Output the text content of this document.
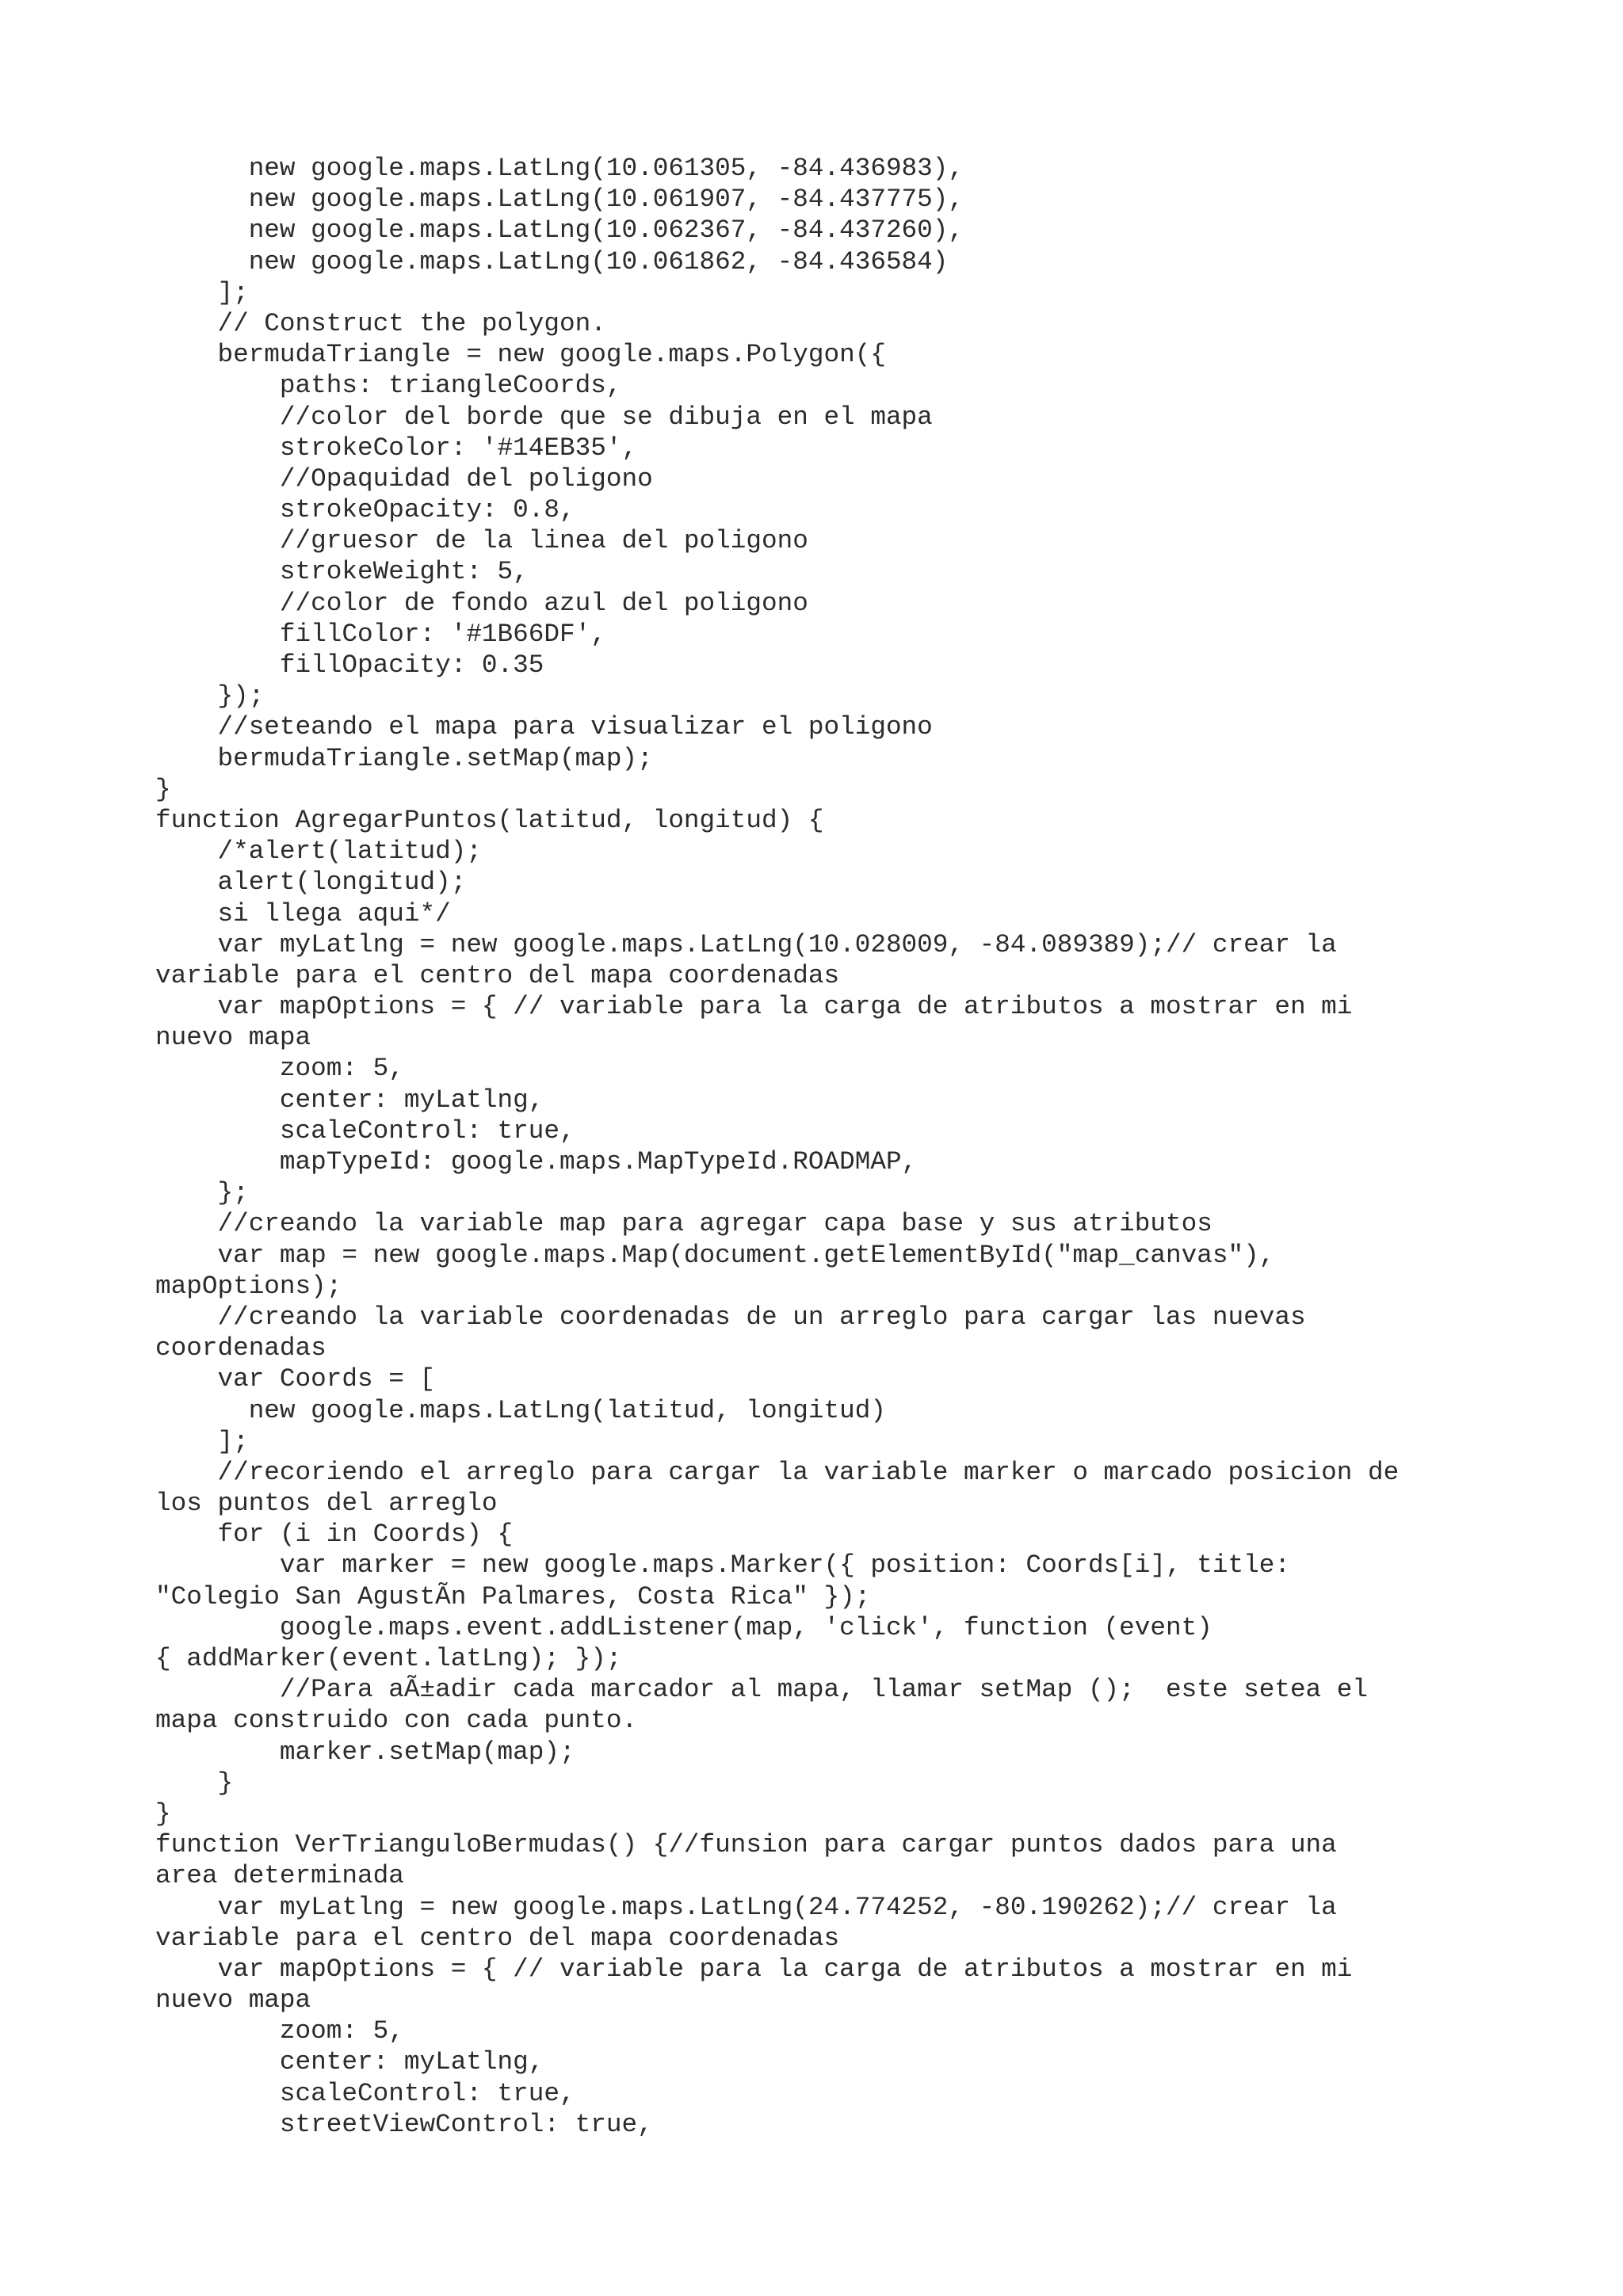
new google.maps.LatLng(10.061305, -84.436983),
new google.maps.LatLng(10.061907, -84.437775),
new google.maps.LatLng(10.062367, -84.437260),
new google.maps.LatLng(10.061862, -84.436584)
];
// Construct the polygon.
bermudaTriangle = new google.maps.Polygon({
paths: triangleCoords,
//color del borde que se dibuja en el mapa
strokeColor: '#14EB35',
//Opaquidad del poligono
strokeOpacity: 0.8,
//gruesor de la linea del poligono
strokeWeight: 5,
//color de fondo azul del poligono
fillColor: '#1B66DF',
fillOpacity: 0.35
});
//seteando el mapa para visualizar el poligono
bermudaTriangle.setMap(map);
}
function AgregarPuntos(latitud, longitud) {
/*alert(latitud);
alert(longitud);
si llega aqui*/
var myLatlng = new google.maps.LatLng(10.028009, -84.089389);// crear la
variable para el centro del mapa coordenadas
var mapOptions = { // variable para la carga de atributos a mostrar en mi
nuevo mapa
zoom: 5,
center: myLatlng,
scaleControl: true,
mapTypeId: google.maps.MapTypeId.ROADMAP,
};
//creando la variable map para agregar capa base y sus atributos
var map = new google.maps.Map(document.getElementById("map_canvas"),
mapOptions);
//creando la variable coordenadas de un arreglo para cargar las nuevas
coordenadas
var Coords = [
new google.maps.LatLng(latitud, longitud)
];
//recoriendo el arreglo para cargar la variable marker o marcado posicion de
los puntos del arreglo
for (i in Coords) {
var marker = new google.maps.Marker({ position: Coords[i], title:
"Colegio San AgustÃn Palmares, Costa Rica" });
google.maps.event.addListener(map, 'click', function (event)
{ addMarker(event.latLng); });
//Para aÃ±adir cada marcador al mapa, llamar setMap ();  este setea el
mapa construido con cada punto.
marker.setMap(map);
}
}
function VerTrianguloBermudas() {//funsion para cargar puntos dados para una
area determinada
var myLatlng = new google.maps.LatLng(24.774252, -80.190262);// crear la
variable para el centro del mapa coordenadas
var mapOptions = { // variable para la carga de atributos a mostrar en mi
nuevo mapa
zoom: 5,
center: myLatlng,
scaleControl: true,
streetViewControl: true,
